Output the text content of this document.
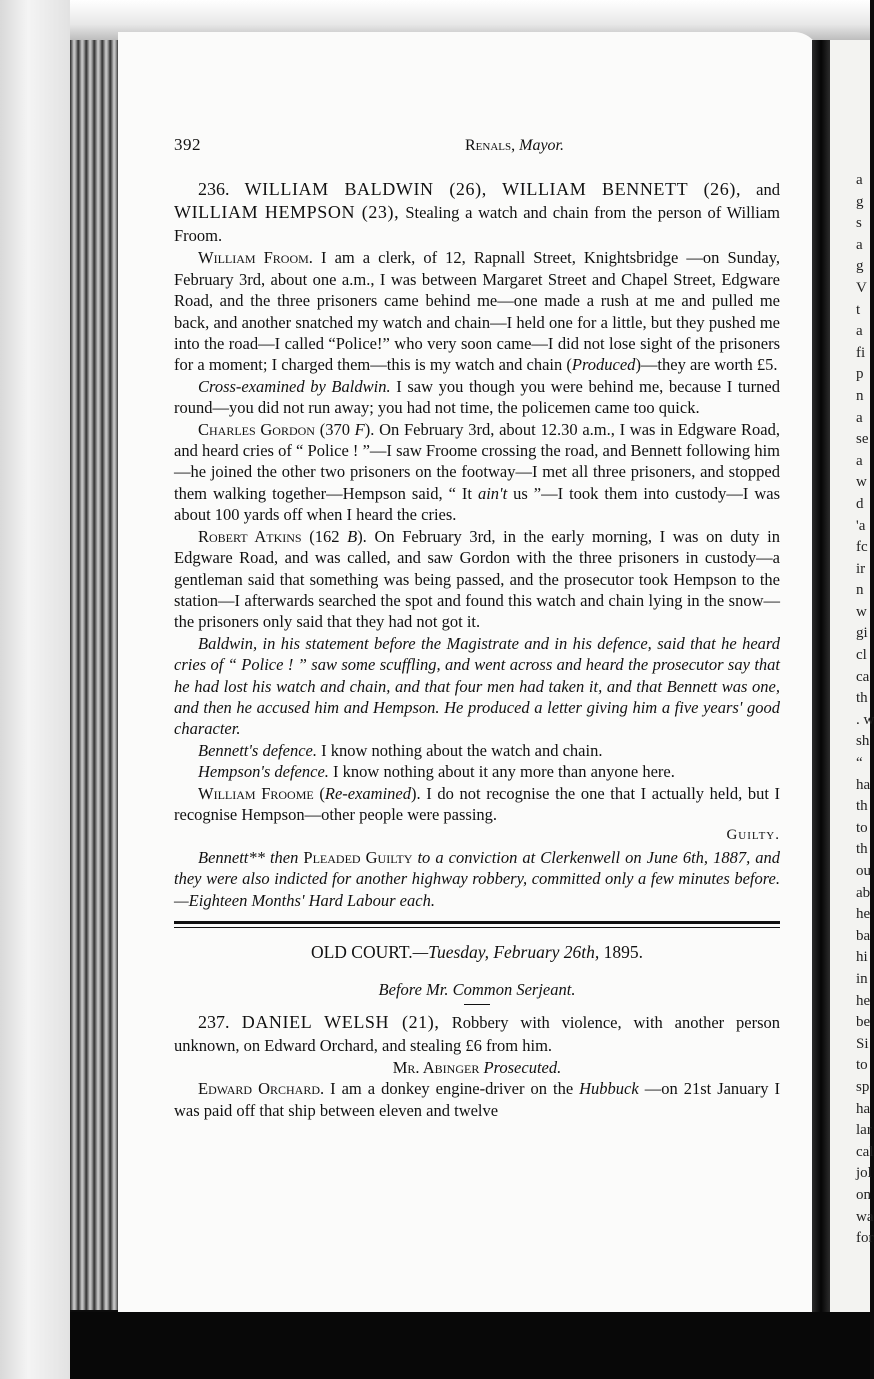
a
g
s
a
g
V
t
a
fi
p
n
a
se
a
w
d
'a
fc
ir
n
w
gi
cl
ca
th
. w
sh
“
ha
th
to
th
ou
ab
he
ba
hi
in
he
be
Si
to
sp
ha
lar
cal
jol
on
wa
for
392	Renals, Mayor.

236. WILLIAM BALDWIN (26), WILLIAM BENNETT (26), and WILLIAM HEMPSON (23), Stealing a watch and chain from the person of William Froom.

William Froom. I am a clerk, of 12, Rapnall Street, Knightsbridge —on Sunday, February 3rd, about one a.m., I was between Margaret Street and Chapel Street, Edgware Road, and the three prisoners came behind me—one made a rush at me and pulled me back, and another snatched my watch and chain—I held one for a little, but they pushed me into the road—I called “Police!” who very soon came—I did not lose sight of the prisoners for a moment; I charged them—this is my watch and chain (Produced)—they are worth £5.

Cross-examined by Baldwin. I saw you though you were behind me, because I turned round—you did not run away; you had not time, the policemen came too quick.

Charles Gordon (370 F). On February 3rd, about 12.30 a.m., I was in Edgware Road, and heard cries of “ Police ! ”—I saw Froome crossing the road, and Bennett following him—he joined the other two prisoners on the footway—I met all three prisoners, and stopped them walking together—Hempson said, “ It ain't us ”—I took them into custody—I was about 100 yards off when I heard the cries.

Robert Atkins (162 B). On February 3rd, in the early morning, I was on duty in Edgware Road, and was called, and saw Gordon with the three prisoners in custody—a gentleman said that something was being passed, and the prosecutor took Hempson to the station—I afterwards searched the spot and found this watch and chain lying in the snow—the prisoners only said that they had not got it.

Baldwin, in his statement before the Magistrate and in his defence, said that he heard cries of “ Police ! ” saw some scuffling, and went across and heard the prosecutor say that he had lost his watch and chain, and that four men had taken it, and that Bennett was one, and then he accused him and Hempson. He produced a letter giving him a five years' good character.

Bennett's defence. I know nothing about the watch and chain.

Hempson's defence. I know nothing about it any more than anyone here.

William Froome (Re-examined). I do not recognise the one that I actually held, but I recognise Hempson—other people were passing.

Guilty.

Bennett** then Pleaded Guilty to a conviction at Clerkenwell on June 6th, 1887, and they were also indicted for another highway robbery, committed only a few minutes before.—Eighteen Months' Hard Labour each.

OLD COURT.—Tuesday, February 26th, 1895.

Before Mr. Common Serjeant.

237. DANIEL WELSH (21), Robbery with violence, with another person unknown, on Edward Orchard, and stealing £6 from him.

Mr. Abinger Prosecuted.

Edward Orchard. I am a donkey engine-driver on the Hubbuck —on 21st January I was paid off that ship between eleven and twelve
